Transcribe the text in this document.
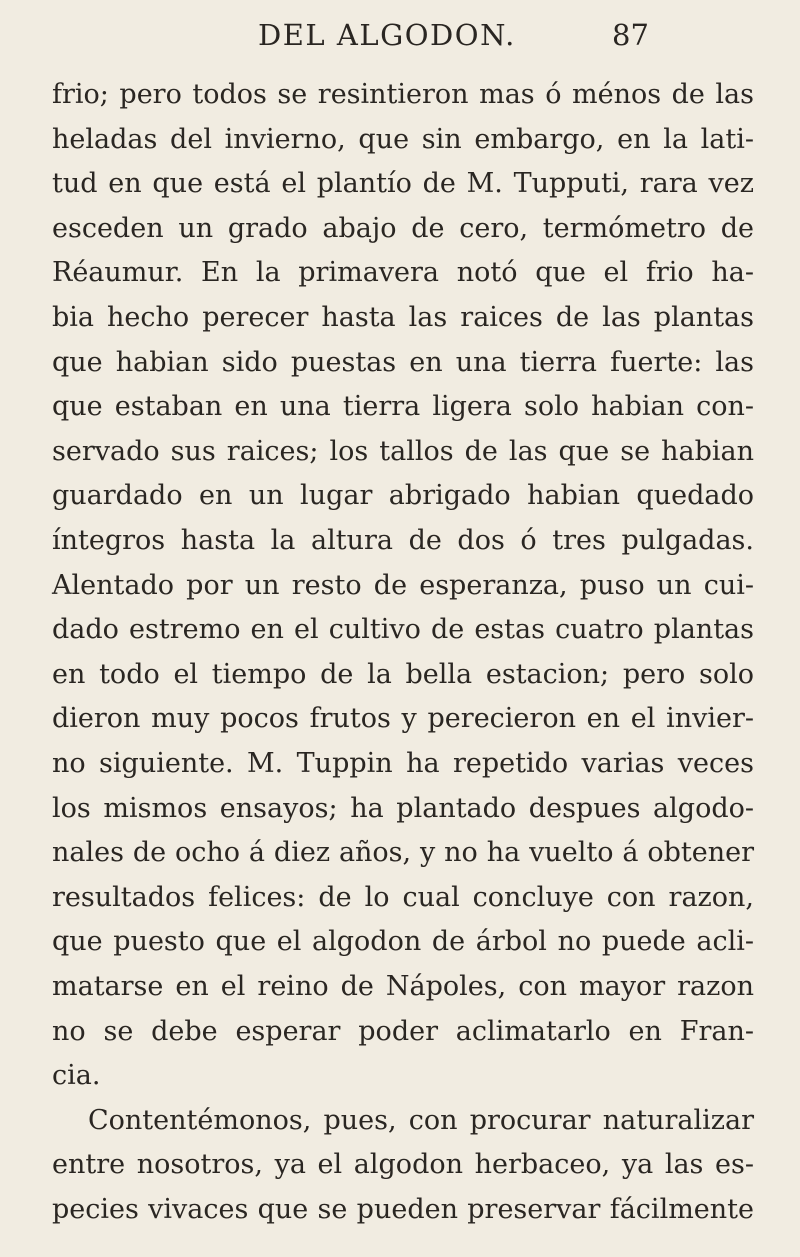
DEL ALGODON.	87
frio; pero todos se resintieron mas ó ménos de las
heladas del invierno, que sin embargo, en la lati-
tud en que está el plantío de M. Tupputi, rara vez
esceden un grado abajo de cero, termómetro de
Réaumur. En la primavera notó que el frio ha-
bia hecho perecer hasta las raices de las plantas
que habian sido puestas en una tierra fuerte: las
que estaban en una tierra ligera solo habian con-
servado sus raices; los tallos de las que se habian
guardado en un lugar abrigado habian quedado
íntegros hasta la altura de dos ó tres pulgadas.
Alentado por un resto de esperanza, puso un cui-
dado estremo en el cultivo de estas cuatro plantas
en todo el tiempo de la bella estacion; pero solo
dieron muy pocos frutos y perecieron en el invier-
no siguiente. M. Tuppin ha repetido varias veces
los mismos ensayos; ha plantado despues algodo-
nales de ocho á diez años, y no ha vuelto á obtener
resultados felices: de lo cual concluye con razon,
que puesto que el algodon de árbol no puede acli-
matarse en el reino de Nápoles, con mayor razon
no se debe esperar poder aclimatarlo en Fran-
cia.
Contentémonos, pues, con procurar naturalizar
entre nosotros, ya el algodon herbaceo, ya las es-
pecies vivaces que se pueden preservar fácilmente
